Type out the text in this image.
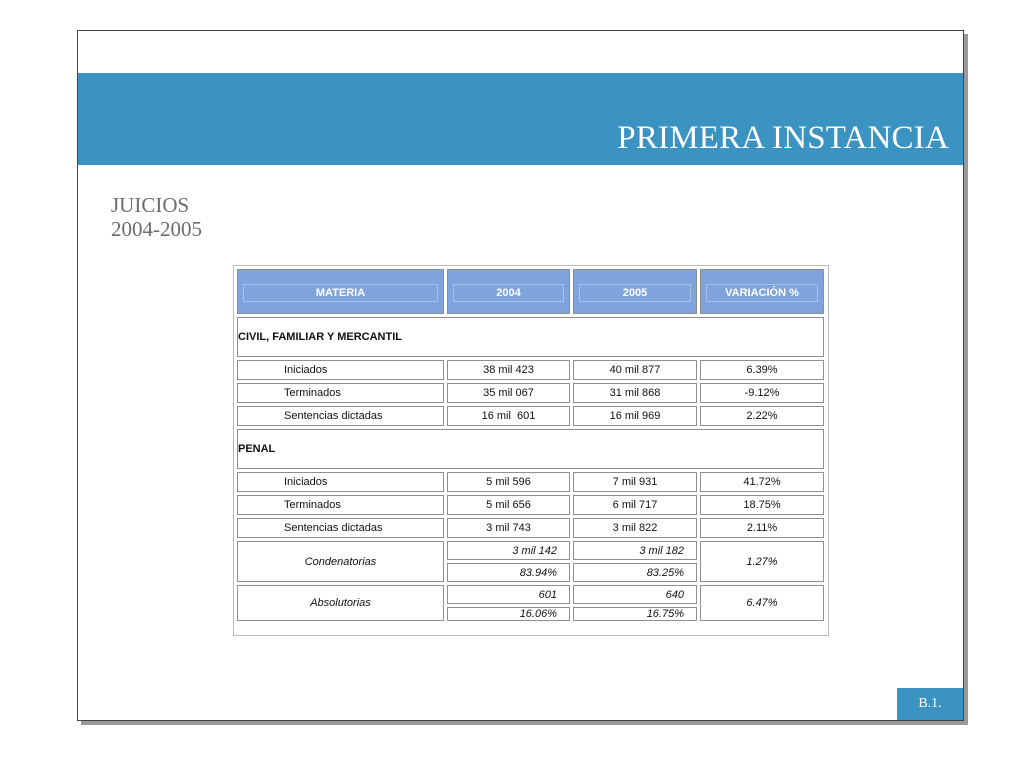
PRIMERA INSTANCIA
JUICIOS
2004-2005
MATERIA	2004	2005	VARIACIÓN %

CIVIL, FAMILIAR Y MERCANTIL			
Iniciados	38 mil 423	40 mil 877	6.39%
Terminados	35 mil 067	31 mil 868	-9.12%
Sentencias dictadas	16 mil  601	16 mil 969	2.22%
PENAL			
Iniciados	5 mil 596	7 mil 931	41.72%
Terminados	5 mil 656	6 mil 717	18.75%
Sentencias dictadas	3 mil 743	3 mil 822	2.11%
Condenatorias	3 mil 142	3 mil 182	1.27%
	83.94%	83.25%	
Absolutorias	601	640	6.47%
	16.06%	16.75%	
B.1.
